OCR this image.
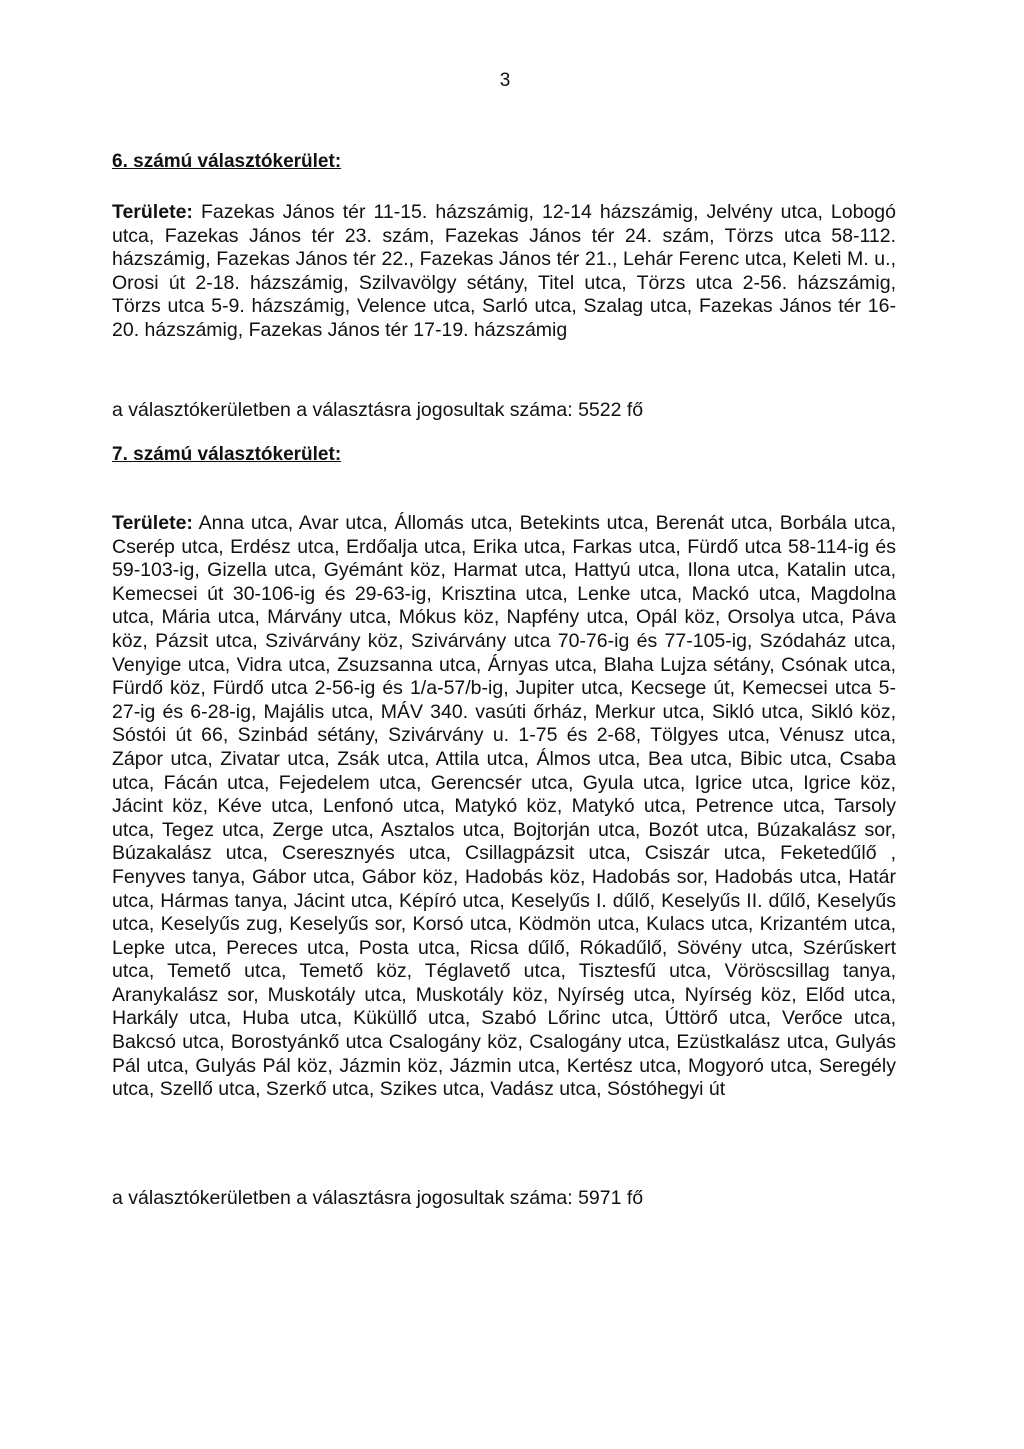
3

6. számú választókerület:

Területe: Fazekas János tér 11-15. házszámig, 12-14 házszámig, Jelvény utca, Lobogó utca, Fazekas János tér 23. szám, Fazekas János tér 24. szám, Törzs utca 58-112. házszámig, Fazekas János tér 22., Fazekas János tér 21., Lehár Ferenc utca, Keleti M. u., Orosi út 2-18. házszámig, Szilvavölgy sétány, Titel utca, Törzs utca 2-56. házszámig, Törzs utca 5-9. házszámig, Velence utca, Sarló utca, Szalag utca, Fazekas János tér 16-20. házszámig, Fazekas János tér 17-19. házszámig

a választókerületben a választásra jogosultak száma: 5522 fő

7. számú választókerület:

Területe: Anna utca, Avar utca, Állomás utca, Betekints utca, Berenát utca, Borbála utca, Cserép utca, Erdész utca, Erdőalja utca, Erika utca, Farkas utca, Fürdő utca 58-114-ig és 59-103-ig, Gizella utca, Gyémánt köz, Harmat utca, Hattyú utca, Ilona utca, Katalin utca, Kemecsei út 30-106-ig és 29-63-ig, Krisztina utca, Lenke utca, Mackó utca, Magdolna utca, Mária utca, Márvány utca, Mókus köz, Napfény utca, Opál köz, Orsolya utca, Páva köz, Pázsit utca, Szivárvány köz, Szivárvány utca 70-76-ig és 77-105-ig, Szódaház utca, Venyige utca, Vidra utca, Zsuzsanna utca, Árnyas utca, Blaha Lujza sétány, Csónak utca, Fürdő köz, Fürdő utca 2-56-ig és 1/a-57/b-ig, Jupiter utca, Kecsege út, Kemecsei utca 5-27-ig és 6-28-ig, Majális utca, MÁV 340. vasúti őrház, Merkur utca, Sikló utca, Sikló köz, Sóstói út 66, Szinbád sétány, Szivárvány u. 1-75 és 2-68, Tölgyes utca, Vénusz utca, Zápor utca, Zivatar utca, Zsák utca, Attila utca, Álmos utca, Bea utca, Bibic utca, Csaba utca, Fácán utca, Fejedelem utca, Gerencsér utca, Gyula utca, Igrice utca, Igrice köz, Jácint köz, Kéve utca, Lenfonó utca, Matykó köz, Matykó utca, Petrence utca, Tarsoly utca, Tegez utca, Zerge utca, Asztalos utca, Bojtorján utca, Bozót utca, Búzakalász sor, Búzakalász utca, Cseresznyés utca, Csillagpázsit utca, Csiszár utca, Feketedűlő , Fenyves tanya, Gábor utca, Gábor köz, Hadobás köz, Hadobás sor, Hadobás utca, Határ utca, Hármas tanya, Jácint utca, Képíró utca, Keselyűs I. dűlő, Keselyűs II. dűlő, Keselyűs utca, Keselyűs zug, Keselyűs sor, Korsó utca, Ködmön utca, Kulacs utca, Krizantém utca, Lepke utca, Pereces utca, Posta utca, Ricsa dűlő, Rókadűlő, Sövény utca, Szérűskert utca, Temető utca, Temető köz, Téglavető utca, Tisztesfű utca, Vöröscsillag tanya, Aranykalász sor, Muskotály utca, Muskotály köz, Nyírség utca, Nyírség köz, Előd utca, Harkály utca, Huba utca, Küküllő utca, Szabó Lőrinc utca, Úttörő utca, Verőce utca, Bakcsó utca, Borostyánkő utca Csalogány köz, Csalogány utca, Ezüstkalász utca, Gulyás Pál utca, Gulyás Pál köz, Jázmin köz, Jázmin utca, Kertész utca, Mogyoró utca, Seregély utca, Szellő utca, Szerkő utca, Szikes utca, Vadász utca, Sóstóhegyi út

a választókerületben a választásra jogosultak száma: 5971 fő
